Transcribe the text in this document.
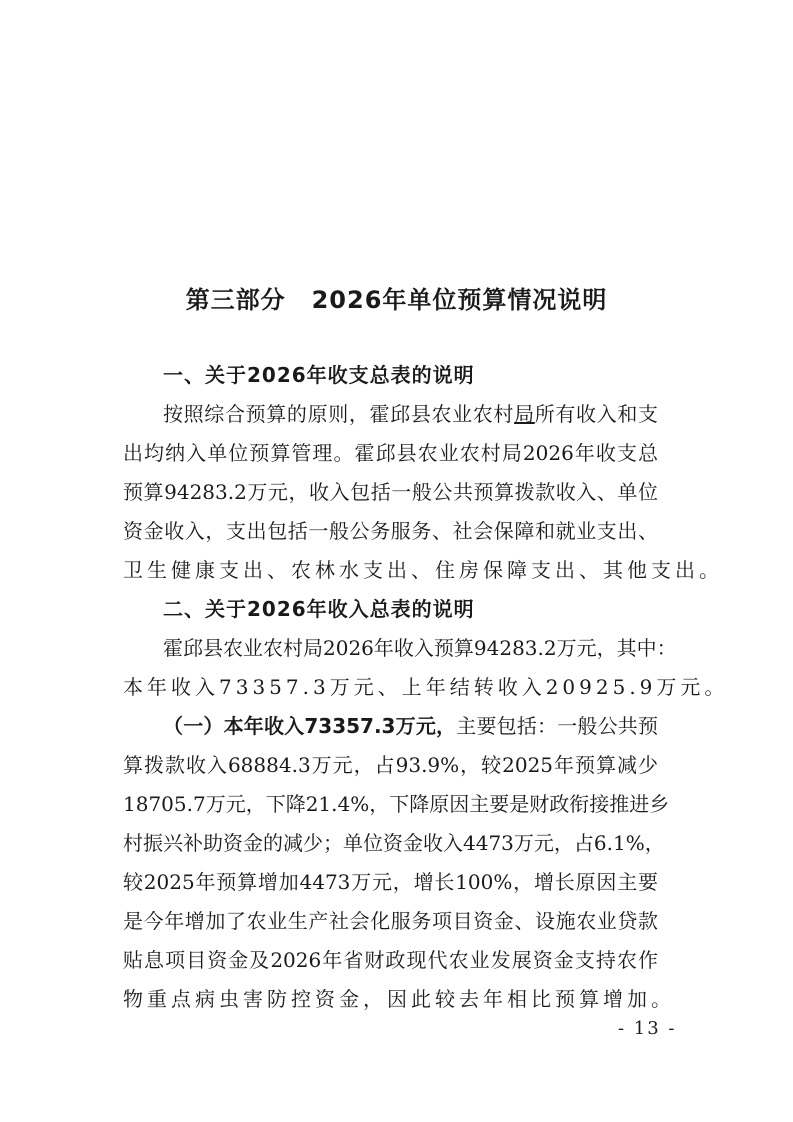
第三部分 2026年单位预算情况说明
一、关于2026年收支总表的说明
按照综合预算的原则，霍邱县农业农村局所有收入和支
出均纳入单位预算管理。霍邱县农业农村局2026年收支总
预算94283.2万元，收入包括一般公共预算拨款收入、单位
资金收入，支出包括一般公务服务、社会保障和就业支出、
卫生健康支出、农林水支出、住房保障支出、其他支出。
二、关于2026年收入总表的说明
霍邱县农业农村局2026年收入预算94283.2万元，其中：
本年收入73357.3万元、上年结转收入20925.9万元。
（一）本年收入73357.3万元，主要包括：一般公共预
算拨款收入68884.3万元，占93.9%，较2025年预算减少
18705.7万元，下降21.4%，下降原因主要是财政衔接推进乡
村振兴补助资金的减少；单位资金收入4473万元，占6.1%，
较2025年预算增加4473万元，增长100%，增长原因主要
是今年增加了农业生产社会化服务项目资金、设施农业贷款
贴息项目资金及2026年省财政现代农业发展资金支持农作
物重点病虫害防控资金，因此较去年相比预算增加。
- 13 -
